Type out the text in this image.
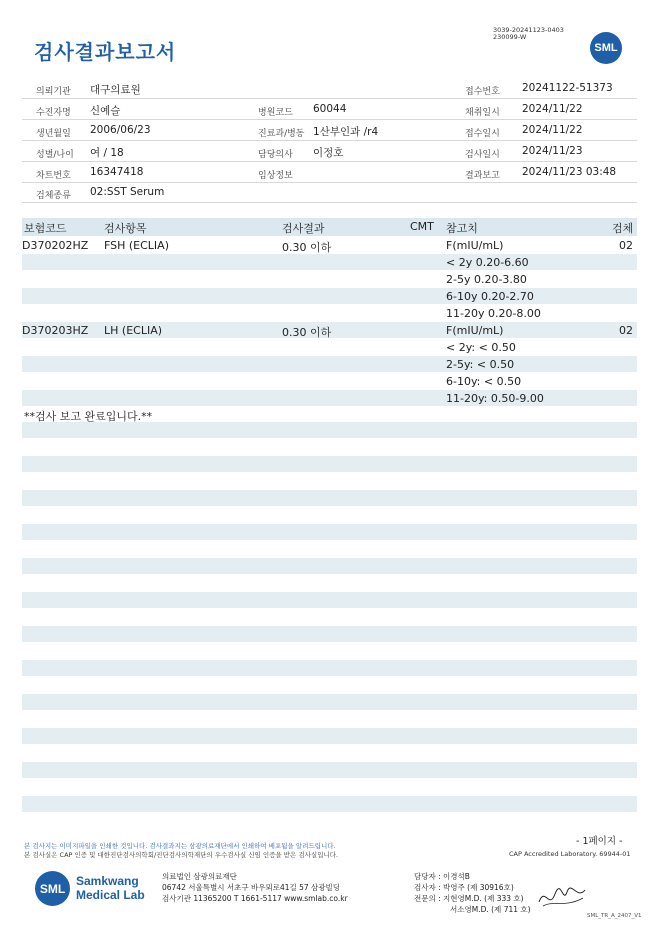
검사결과보고서
3039-20241123-0403
230099-W
SML
의뢰기관 대구의료원	접수번호 20241122-51373
수진자명 신예슬	병원코드 60044	채취일시 2024/11/22
생년월일 2006/06/23	진료과/병동 1산부인과 /r4	접수일시 2024/11/22
성별/나이 여 / 18	담당의사 이정호	검사일시 2024/11/23
차트번호 16347418	임상정보	결과보고 2024/11/23 03:48
검체종류 02:SST Serum
보험코드	검사항목	검사결과	CMT 참고치	검체
D370202HZ FSH (ECLIA)	0.30 이하	F(mIU/mL)	02
< 2y 0.20-6.60
2-5y 0.20-3.80
6-10y 0.20-2.70
11-20y 0.20-8.00
D370203HZ LH (ECLIA)	0.30 이하	F(mIU/mL)	02
< 2y: < 0.50
2-5y: < 0.50
6-10y: < 0.50
11-20y: 0.50-9.00
**검사 보고 완료입니다.**
- 1페이지 -
본 검사지는 이미지파일을 인쇄한 것입니다. 검사결과지는 삼광의료재단에서 인쇄하여 배포됨을 알려드립니다.
본 검사실은 CAP 인증 및 대한진단검사의학회/진단검사의학재단의 우수검사실 신임 인증을 받은 검사실입니다.	CAP Accredited Laboratory. 69944-01
SML
Samkwang
Medical Lab
의료법인 삼광의료재단
06742 서울특별시 서초구 바우뫼로41길 57 삼광빌딩
검사기관 11365200 T 1661-5117 www.smlab.co.kr
담당자 : 이경석B
검사자 : 박영주 (제 30916호)
전문의 : 지현영M.D. (제 333 호)
서소영M.D. (제 711 호)
SML_TR_A_2407_V1
